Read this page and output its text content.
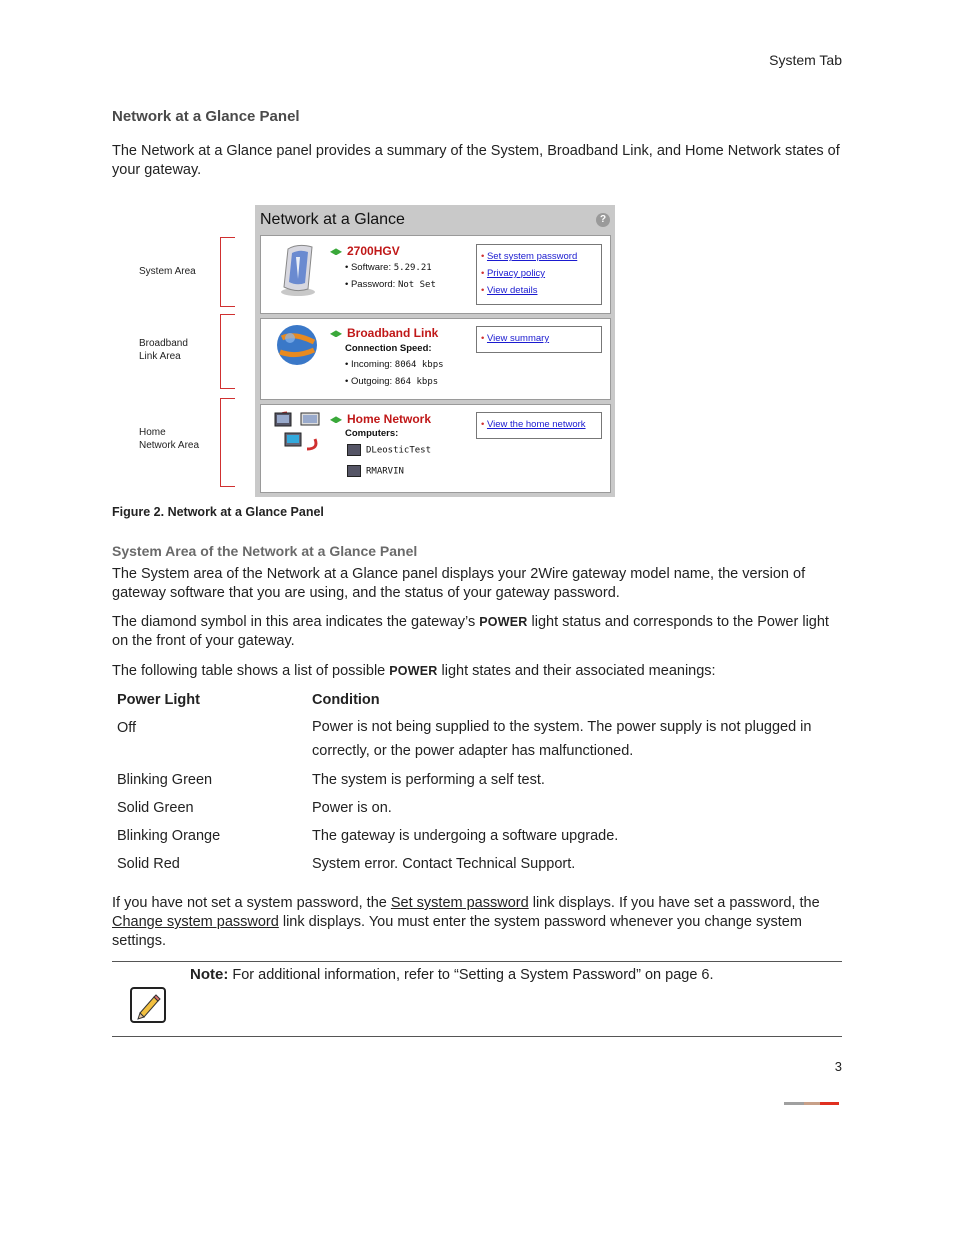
System Tab
Network at a Glance Panel
The Network at a Glance panel provides a summary of the System, Broadband Link, and Home Network states of your gateway.
System Area
Broadband
Link Area
Home
Network Area
Network at a Glance	?
2700HGV
• Software: 5.29.21
• Password: Not Set
• Set system password
• Privacy policy
• View details
Broadband Link
Connection Speed:
• Incoming: 8064 kbps
• Outgoing: 864 kbps
• View summary
Home Network
Computers:
DLeosticTest
RMARVIN
• View the home network
Figure 2. Network at a Glance Panel
System Area of the Network at a Glance Panel
The System area of the Network at a Glance panel displays your 2Wire gateway model name, the version of gateway software that you are using, and the status of your gateway password.
The diamond symbol in this area indicates the gateway’s POWER light status and corresponds to the Power light on the front of your gateway.
The following table shows a list of possible POWER light states and their associated meanings:
Power Light	Condition
Off	Power is not being supplied to the system. The power supply is not plugged in correctly, or the power adapter has malfunctioned.
Blinking Green	The system is performing a self test.
Solid Green	Power is on.
Blinking Orange	The gateway is undergoing a software upgrade.
Solid Red	System error. Contact Technical Support.
If you have not set a system password, the Set system password link displays. If you have set a password, the Change system password link displays. You must enter the system password whenever you change system settings.
Note: For additional information, refer to “Setting a System Password” on page 6.
3
